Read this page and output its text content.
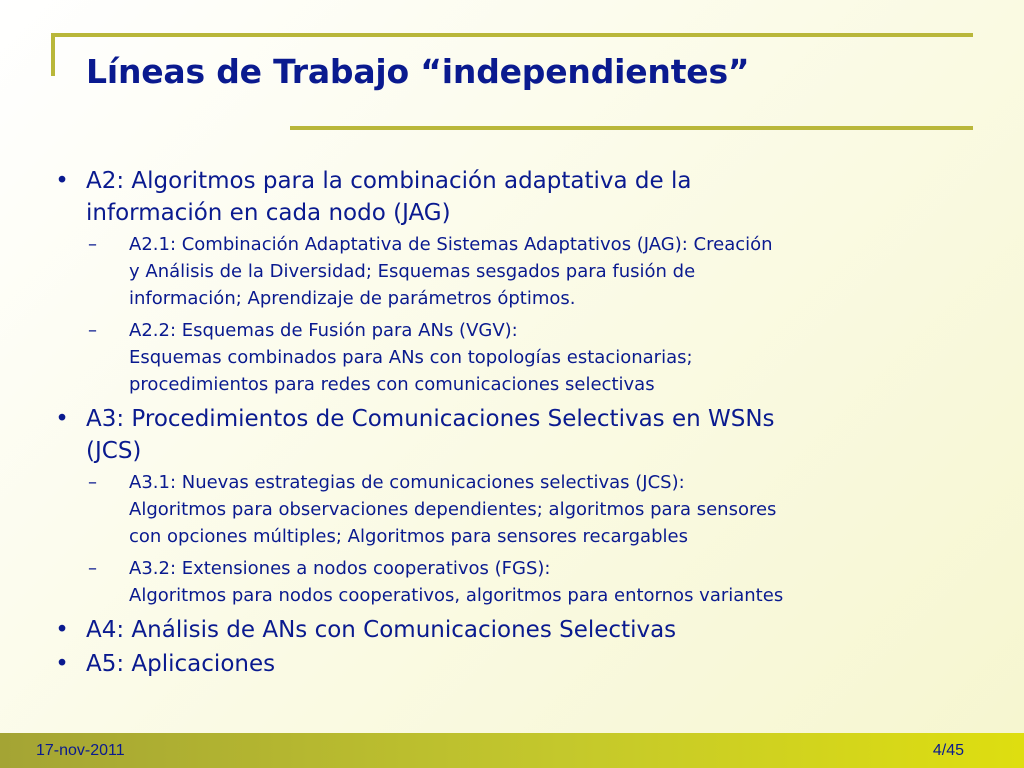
Líneas de Trabajo “independientes”
• A2: Algoritmos para la combinación adaptativa de la
información en cada nodo (JAG)
– A2.1: Combinación Adaptativa de Sistemas Adaptativos (JAG): Creación
y Análisis de la Diversidad; Esquemas sesgados para fusión de
información; Aprendizaje de parámetros óptimos.
– A2.2: Esquemas de Fusión para ANs (VGV):
Esquemas combinados para ANs con topologías estacionarias;
procedimientos para redes con comunicaciones selectivas
• A3: Procedimientos de Comunicaciones Selectivas en WSNs
(JCS)
– A3.1: Nuevas estrategias de comunicaciones selectivas (JCS):
Algoritmos para observaciones dependientes; algoritmos para sensores
con opciones múltiples; Algoritmos para sensores recargables
– A3.2: Extensiones a nodos cooperativos (FGS):
Algoritmos para nodos cooperativos, algoritmos para entornos variantes
• A4: Análisis de ANs con Comunicaciones Selectivas
• A5: Aplicaciones
17-nov-2011	4/45
